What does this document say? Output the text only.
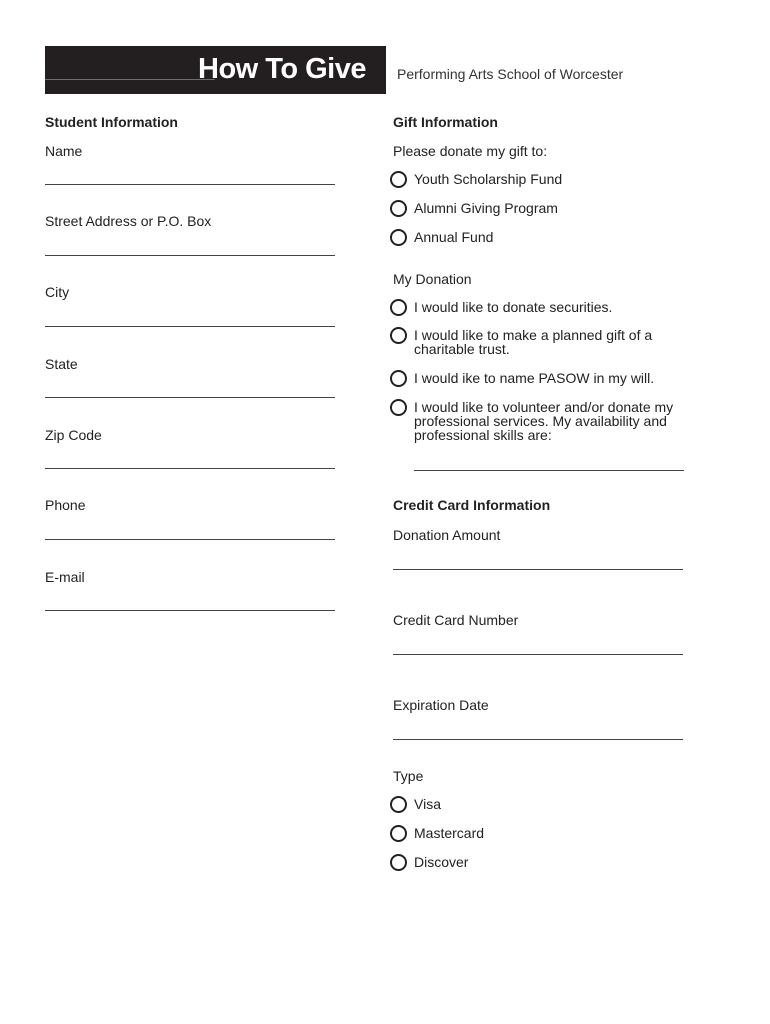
How To Give Performing Arts School of Worcester
Student Information
Name
Street Address or P.O. Box
City
State
Zip Code
Phone
E-mail
Gift Information
Please donate my gift to:
Youth Scholarship Fund
Alumni Giving Program
Annual Fund
My Donation
I would like to donate securities.
I would like to make a planned gift of a charitable trust.
I would ike to name PASOW in my will.
I would like to volunteer and/or donate my professional services. My availability and professional skills are:
Credit Card Information
Donation Amount
Credit Card Number
Expiration Date
Type
Visa
Mastercard
Discover
